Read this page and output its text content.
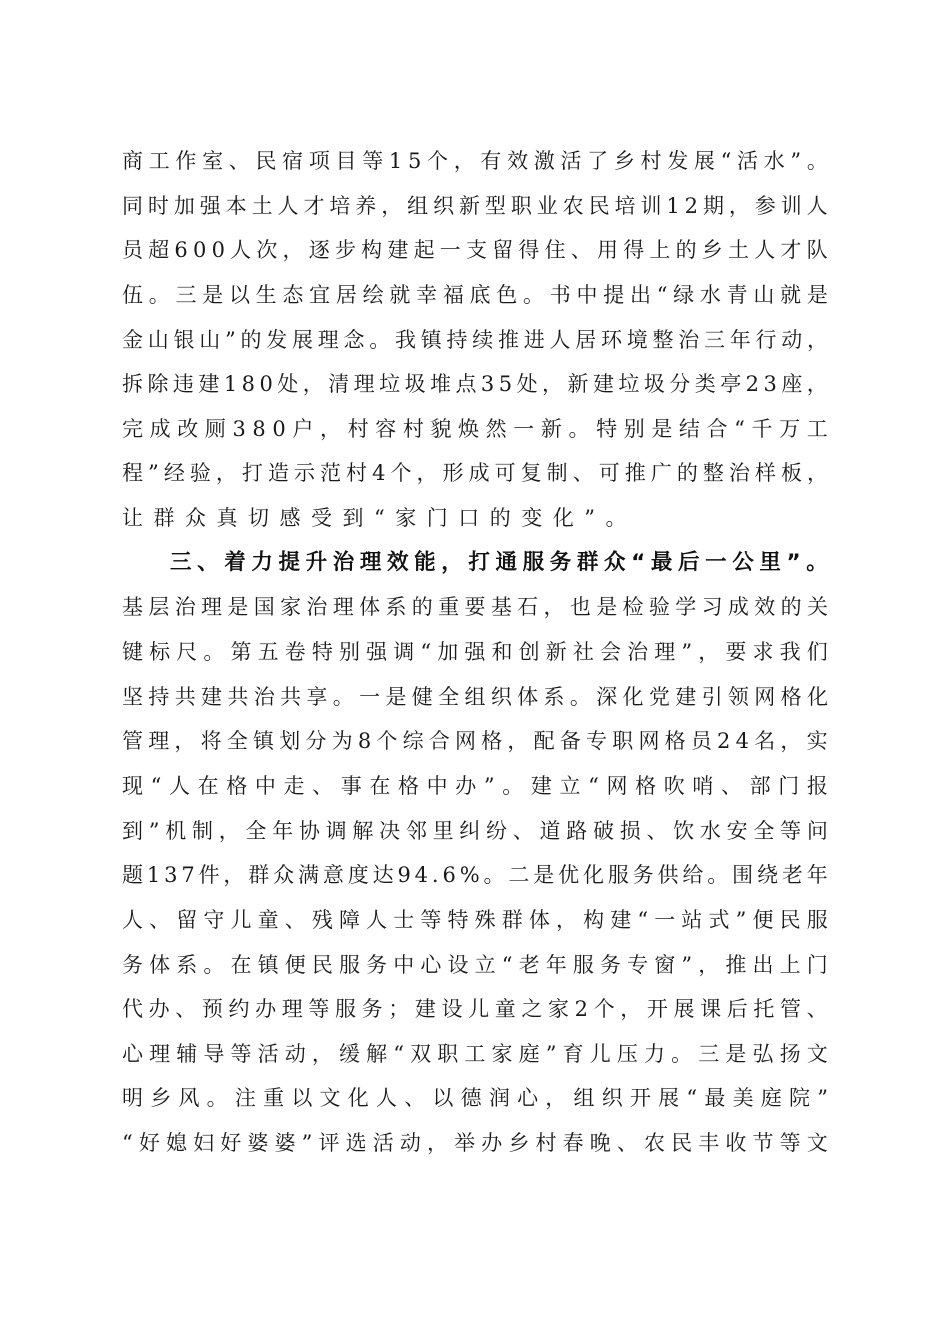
商 工 作 室 、 民 宿 项 目 等 1 5 个 ， 有 效 激 活 了 乡 村 发 展 “ 活 水 ” 。
同 时 加 强 本 土 人 才 培 养 ， 组 织 新 型 职 业 农 民 培 训 1 2 期 ， 参 训 人
员 超 6 0 0 人 次 ， 逐 步 构 建 起 一 支 留 得 住 、 用 得 上 的 乡 土 人 才 队
伍 。 三 是 以 生 态 宜 居 绘 就 幸 福 底 色 。 书 中 提 出 “ 绿 水 青 山 就 是
金 山 银 山 ” 的 发 展 理 念 。 我 镇 持 续 推 进 人 居 环 境 整 治 三 年 行 动 ，
拆 除 违 建 1 8 0 处 ， 清 理 垃 圾 堆 点 3 5 处 ， 新 建 垃 圾 分 类 亭 2 3 座 ，
完 成 改 厕 3 8 0 户 ， 村 容 村 貌 焕 然 一 新 。 特 别 是 结 合 “ 千 万 工
程 ” 经 验 ， 打 造 示 范 村 4 个 ， 形 成 可 复 制 、 可 推 广 的 整 治 样 板 ，
让 群 众 真 切 感 受 到 “ 家 门 口 的 变 化 ” 。
三 、 着 力 提 升 治 理 效 能 ， 打 通 服 务 群 众 “ 最 后 一 公 里 ” 。
基 层 治 理 是 国 家 治 理 体 系 的 重 要 基 石 ， 也 是 检 验 学 习 成 效 的 关
键 标 尺 。 第 五 卷 特 别 强 调 “ 加 强 和 创 新 社 会 治 理 ” ， 要 求 我 们
坚 持 共 建 共 治 共 享 。 一 是 健 全 组 织 体 系 。 深 化 党 建 引 领 网 格 化
管 理 ， 将 全 镇 划 分 为 8 个 综 合 网 格 ， 配 备 专 职 网 格 员 2 4 名 ， 实
现 “ 人 在 格 中 走 、 事 在 格 中 办 ” 。 建 立 “ 网 格 吹 哨 、 部 门 报
到 ” 机 制 ， 全 年 协 调 解 决 邻 里 纠 纷 、 道 路 破 损 、 饮 水 安 全 等 问
题 1 3 7 件 ， 群 众 满 意 度 达 9 4 . 6 % 。 二 是 优 化 服 务 供 给 。 围 绕 老 年
人 、 留 守 儿 童 、 残 障 人 士 等 特 殊 群 体 ， 构 建 “ 一 站 式 ” 便 民 服
务 体 系 。 在 镇 便 民 服 务 中 心 设 立 “ 老 年 服 务 专 窗 ” ， 推 出 上 门
代 办 、 预 约 办 理 等 服 务 ； 建 设 儿 童 之 家 2 个 ， 开 展 课 后 托 管 、
心 理 辅 导 等 活 动 ， 缓 解 “ 双 职 工 家 庭 ” 育 儿 压 力 。 三 是 弘 扬 文
明 乡 风 。 注 重 以 文 化 人 、 以 德 润 心 ， 组 织 开 展 “ 最 美 庭 院 ”
“ 好 媳 妇 好 婆 婆 ” 评 选 活 动 ， 举 办 乡 村 春 晚 、 农 民 丰 收 节 等 文
